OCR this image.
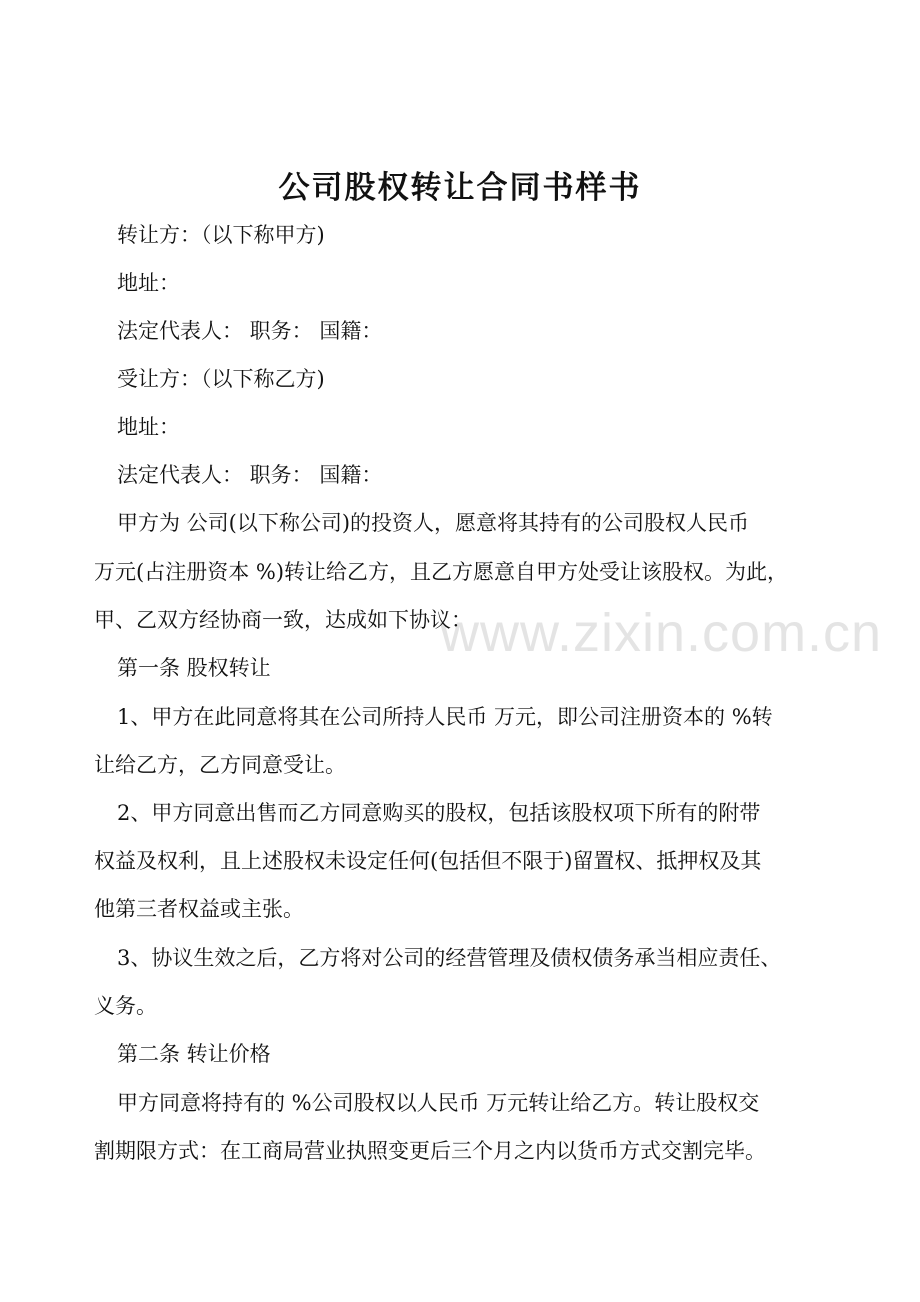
公司股权转让合同书样书
www.zixin.com.cn

转让方：（以下称甲方)

地址：

法定代表人： 职务： 国籍：

受让方：（以下称乙方)

地址：

法定代表人： 职务： 国籍：

甲方为 公司(以下称公司)的投资人，愿意将其持有的公司股权人民币

万元(占注册资本 %)转让给乙方，且乙方愿意自甲方处受让该股权。为此，

甲、乙双方经协商一致，达成如下协议：

第一条 股权转让

1、甲方在此同意将其在公司所持人民币 万元，即公司注册资本的 %转

让给乙方，乙方同意受让。

2、甲方同意出售而乙方同意购买的股权，包括该股权项下所有的附带

权益及权利，且上述股权未设定任何(包括但不限于)留置权、抵押权及其

他第三者权益或主张。

3、协议生效之后，乙方将对公司的经营管理及债权债务承当相应责任、

义务。

第二条 转让价格

甲方同意将持有的 %公司股权以人民币 万元转让给乙方。转让股权交

割期限方式：在工商局营业执照变更后三个月之内以货币方式交割完毕。
